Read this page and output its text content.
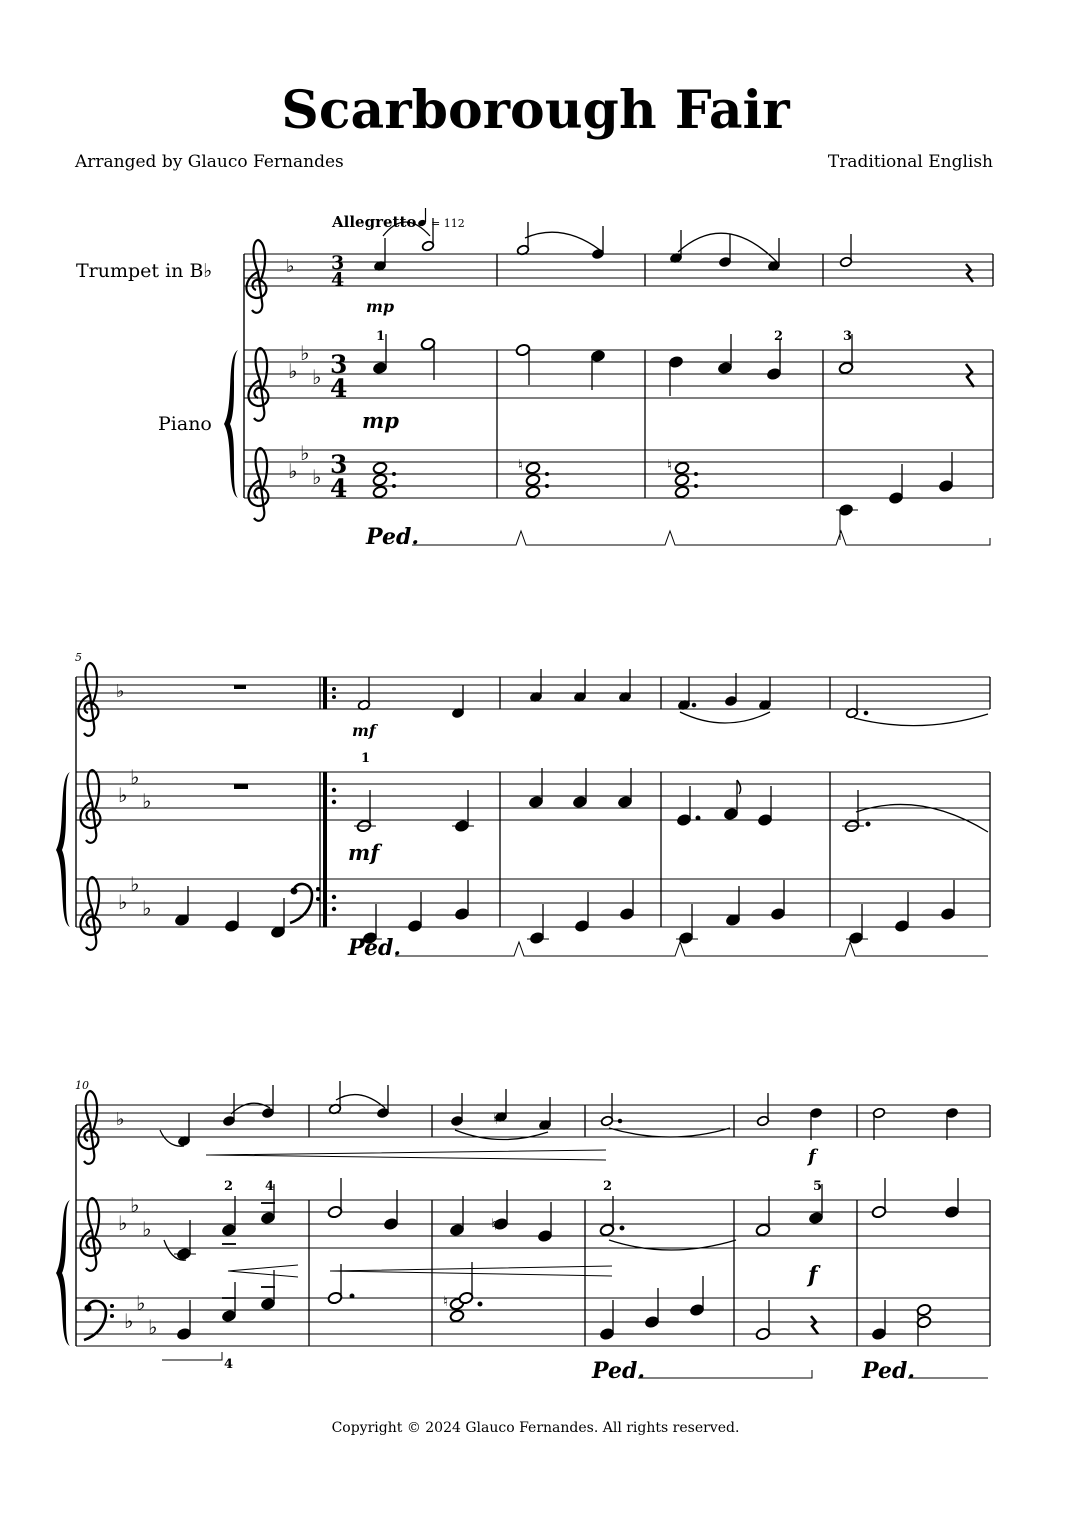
Scarborough Fair
Arranged by Glauco Fernandes	Traditional English
Allegretto = 112
Trumpet in B♭
Piano
♭
♭
♭
♭
♭
♭
♭
3
4
3
4
3
4
mp
1	2	3
mp
♮	♮
Ped.
5
♭
♭
♭
♭
♭
♭
♭
mf
1
mf
Ped.
10
♭
♭
♭
♭
♭
♭
♭
♮
f
♮
2 4	2	5
f
♮
4	Ped.	Ped.
Copyright © 2024 Glauco Fernandes. All rights reserved.
